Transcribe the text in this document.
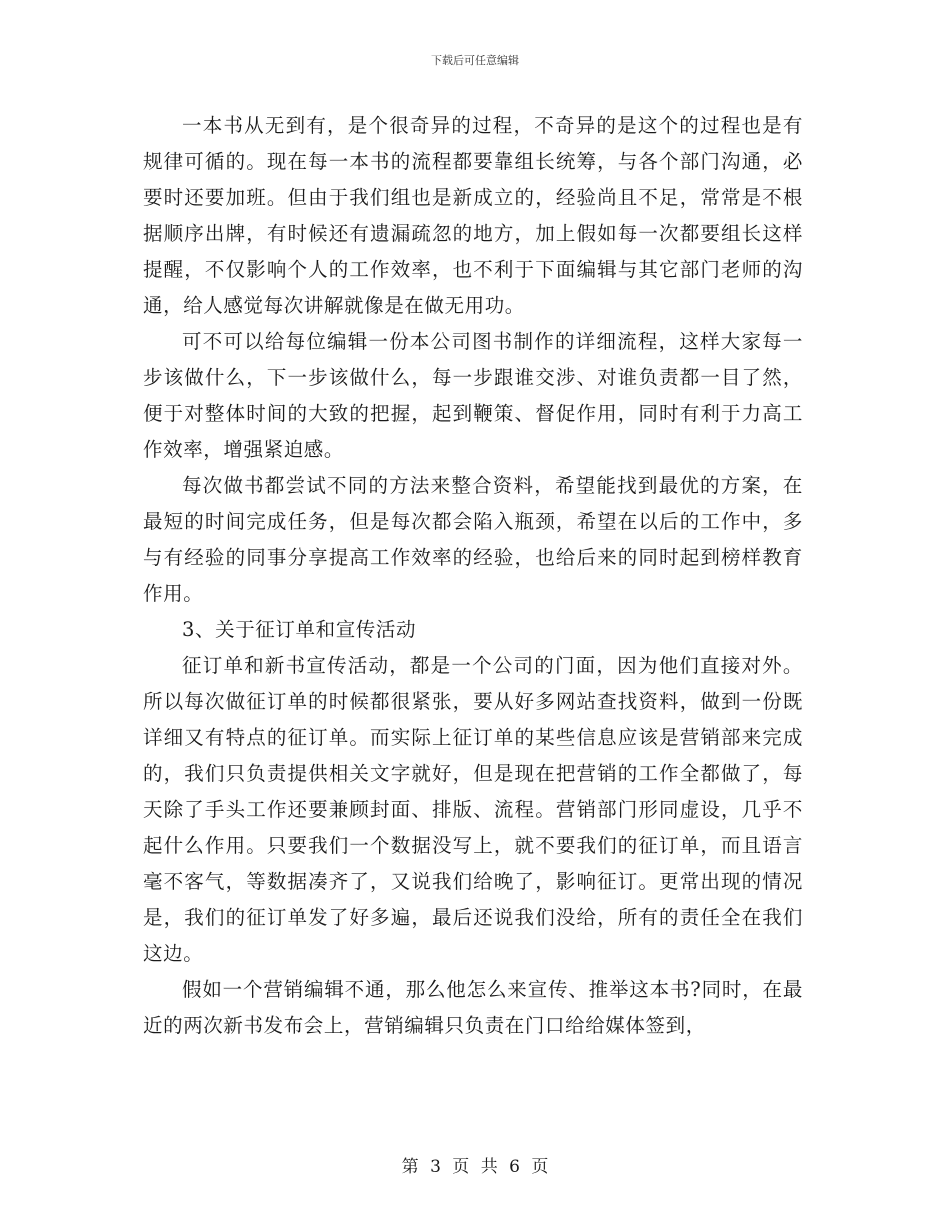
下载后可任意编辑

一本书从无到有，是个很奇异的过程，不奇异的是这个的过程也是有规律可循的。现在每一本书的流程都要靠组长统筹，与各个部门沟通，必要时还要加班。但由于我们组也是新成立的，经验尚且不足，常常是不根据顺序出牌，有时候还有遗漏疏忽的地方，加上假如每一次都要组长这样提醒，不仅影响个人的工作效率，也不利于下面编辑与其它部门老师的沟通，给人感觉每次讲解就像是在做无用功。

可不可以给每位编辑一份本公司图书制作的详细流程，这样大家每一步该做什么，下一步该做什么，每一步跟谁交涉、对谁负责都一目了然，便于对整体时间的大致的把握，起到鞭策、督促作用，同时有利于力高工作效率，增强紧迫感。

每次做书都尝试不同的方法来整合资料，希望能找到最优的方案，在最短的时间完成任务，但是每次都会陷入瓶颈，希望在以后的工作中，多与有经验的同事分享提高工作效率的经验，也给后来的同时起到榜样教育作用。

3、关于征订单和宣传活动

征订单和新书宣传活动，都是一个公司的门面，因为他们直接对外。所以每次做征订单的时候都很紧张，要从好多网站查找资料，做到一份既详细又有特点的征订单。而实际上征订单的某些信息应该是营销部来完成的，我们只负责提供相关文字就好，但是现在把营销的工作全都做了，每天除了手头工作还要兼顾封面、排版、流程。营销部门形同虚设，几乎不起什么作用。只要我们一个数据没写上，就不要我们的征订单，而且语言毫不客气，等数据凑齐了，又说我们给晚了，影响征订。更常出现的情况是，我们的征订单发了好多遍，最后还说我们没给，所有的责任全在我们这边。

假如一个营销编辑不通，那么他怎么来宣传、推举这本书?同时，在最近的两次新书发布会上，营销编辑只负责在门口给给媒体签到，

第 3 页 共 6 页
